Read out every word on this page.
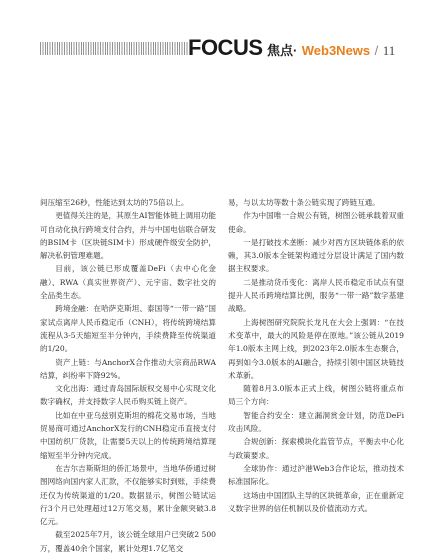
FOCUS 焦点· Web3News / 11

间压缩至26秒，性能达到太坊的75倍以上。

更值得关注的是，其原生AI智能体链上调用功能可自动化执行跨境支付合约，并与中国电信联合研发的BSIM卡（区块链SIM卡）形成硬件级安全防护，解决私钥管理难题。

目前，该公链已形成覆盖DeFi（去中心化金融）、RWA（真实世界资产）、元宇宙、数字社交的全品类生态。

跨境金融：在哈萨克斯坦、泰国等“一带一路”国家试点离岸人民币稳定币（CNH），将传统跨境结算流程从3-5天缩短至半分钟内，手续费降至传统渠道的1/20。

资产上链：与AnchorX合作推动大宗商品RWA结算，纠纷率下降92%。

文化出海：通过青岛国际版权交易中心实现文化数字确权，并支持数字人民币购买链上资产。

比如在中亚乌兹别克斯坦的棉花交易市场，当地贸易商可通过AnchorX发行的CNH稳定币直接支付中国纺织厂货款，让需要5天以上的传统跨境结算现缩短至半分钟内完成。

在吉尔吉斯斯坦的侨汇场景中，当地华侨通过树图网络向国内家人汇款，不仅能够实时到账，手续费还仅为传统渠道的1/20。数据显示，树图公链试运行3个月已处理超过12万笔交易，累计金额突破3.8亿元。

截至2025年7月，该公链全球用户已突破2 500万，覆盖40余个国家，累计处理1.7亿笔交

易，与以太坊等数十条公链实现了跨链互通。

作为中国唯一合规公有链，树图公链承载着双重使命。

一是打破技术垄断：减少对西方区块链体系的依赖，其3.0版本全链架构通过分层设计满足了国内数据主权要求。

二是推动货币变化：离岸人民币稳定币试点有望提升人民币跨境结算比例，服务“一带一路”数字基建战略。

上海树图研究院院长龙凡在大会上强调：“在技术变革中，最大的风险是停在原地。”该公链从2019年1.0版本主网上线，到2023年2.0版本生态聚合，再到如今3.0版本的AI融合，持续引领中国区块链技术革新。

随着8月3.0版本正式上线，树图公链将重点布局三个方向：

智能合约安全：建立漏洞赏金计划，防范DeFi攻击风险。

合规创新：探索模块化监管节点，平衡去中心化与政策要求。

全球协作：通过沪港Web3合作论坛，推动技术标准国际化。

这场由中国团队主导的区块链革命，正在重新定义数字世界的信任机制以及价值流动方式。
